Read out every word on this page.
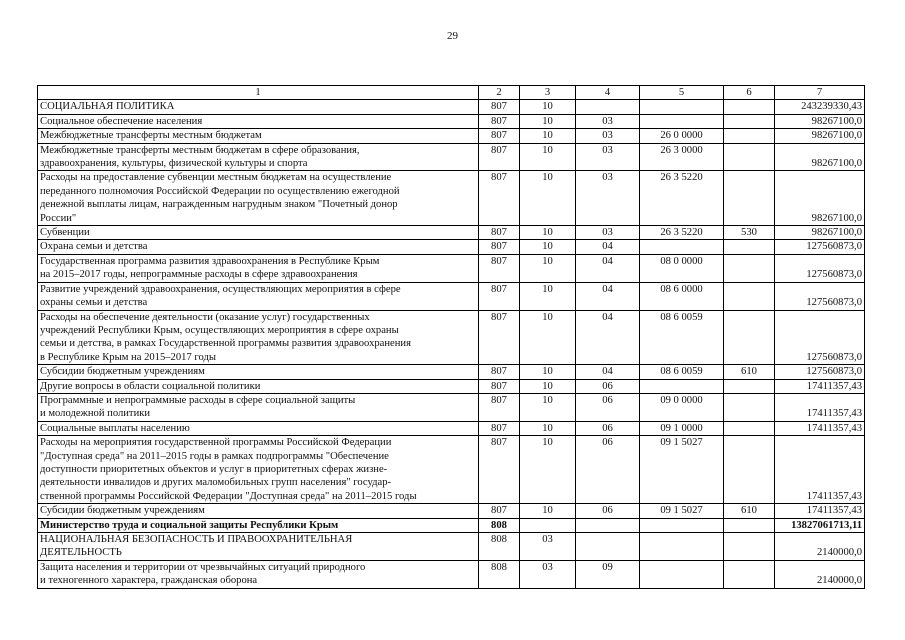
29
1	2	3	4	5	6	7
СОЦИАЛЬНАЯ ПОЛИТИКА	807	10				243239330,43
Социальное обеспечение населения	807	10	03			98267100,0
Межбюджетные трансферты местным бюджетам	807	10	03	26 0 0000		98267100,0
Межбюджетные трансферты местным бюджетам в сфере образования,
здравоохранения, культуры, физической культуры и спорта	807	10	03	26 3 0000		98267100,0
Расходы на предоставление субвенции местным бюджетам на осуществление
переданного полномочия Российской Федерации по осуществлению ежегодной
денежной выплаты лицам, награжденным нагрудным знаком "Почетный донор
России"	807	10	03	26 3 5220		98267100,0
Субвенции	807	10	03	26 3 5220	530	98267100,0
Охрана семьи и детства	807	10	04			127560873,0
Государственная программа развития здравоохранения в Республике Крым
на 2015–2017 годы, непрограммные расходы в сфере здравоохранения	807	10	04	08 0 0000		127560873,0
Развитие учреждений здравоохранения, осуществляющих мероприятия в сфере
охраны семьи и детства	807	10	04	08 6 0000		127560873,0
Расходы на обеспечение деятельности (оказание услуг) государственных
учреждений Республики Крым, осуществляющих мероприятия в сфере охраны
семьи и детства, в рамках Государственной программы развития здравоохранения
в Республике Крым на 2015–2017 годы	807	10	04	08 6 0059		127560873,0
Субсидии бюджетным учреждениям	807	10	04	08 6 0059	610	127560873,0
Другие вопросы в области социальной политики	807	10	06			17411357,43
Программные и непрограммные расходы в сфере социальной защиты
и молодежной политики	807	10	06	09 0 0000		17411357,43
Социальные выплаты населению	807	10	06	09 1 0000		17411357,43
Расходы на мероприятия государственной программы Российской Федерации
"Доступная среда" на 2011–2015 годы в рамках подпрограммы "Обеспечение
доступности приоритетных объектов и услуг в приоритетных сферах жизне-
деятельности инвалидов и других маломобильных групп населения" государ-
ственной программы Российской Федерации "Доступная среда" на 2011–2015 годы	807	10	06	09 1 5027		17411357,43
Субсидии бюджетным учреждениям	807	10	06	09 1 5027	610	17411357,43
Министерство труда и социальной защиты Республики Крым	808					13827061713,11
НАЦИОНАЛЬНАЯ БЕЗОПАСНОСТЬ И ПРАВООХРАНИТЕЛЬНАЯ
ДЕЯТЕЛЬНОСТЬ	808	03				2140000,0
Защита населения и территории от чрезвычайных ситуаций природного
и техногенного характера, гражданская оборона	808	03	09			2140000,0
